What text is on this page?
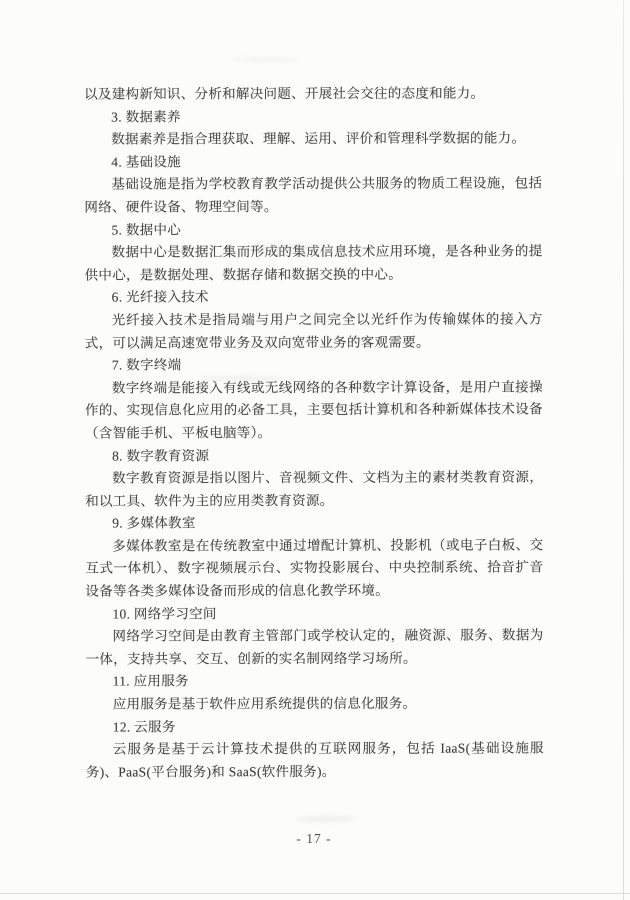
以及建构新知识、分析和解决问题、开展社会交往的态度和能力。

3. 数据素养

数据素养是指合理获取、理解、运用、评价和管理科学数据的能力。

4. 基础设施

基础设施是指为学校教育教学活动提供公共服务的物质工程设施，包括网络、硬件设备、物理空间等。

5. 数据中心

数据中心是数据汇集而形成的集成信息技术应用环境，是各种业务的提供中心，是数据处理、数据存储和数据交换的中心。

6. 光纤接入技术

光纤接入技术是指局端与用户之间完全以光纤作为传输媒体的接入方式，可以满足高速宽带业务及双向宽带业务的客观需要。

7. 数字终端

数字终端是能接入有线或无线网络的各种数字计算设备，是用户直接操作的、实现信息化应用的必备工具，主要包括计算机和各种新媒体技术设备（含智能手机、平板电脑等）。

8. 数字教育资源

数字教育资源是指以图片、音视频文件、文档为主的素材类教育资源，和以工具、软件为主的应用类教育资源。

9. 多媒体教室

多媒体教室是在传统教室中通过增配计算机、投影机（或电子白板、交互式一体机）、数字视频展示台、实物投影展台、中央控制系统、拾音扩音设备等各类多媒体设备而形成的信息化教学环境。

10. 网络学习空间

网络学习空间是由教育主管部门或学校认定的，融资源、服务、数据为一体，支持共享、交互、创新的实名制网络学习场所。

11. 应用服务

应用服务是基于软件应用系统提供的信息化服务。

12. 云服务

云服务是基于云计算技术提供的互联网服务，包括 IaaS(基础设施服务)、PaaS(平台服务)和 SaaS(软件服务)。

- 17 -
